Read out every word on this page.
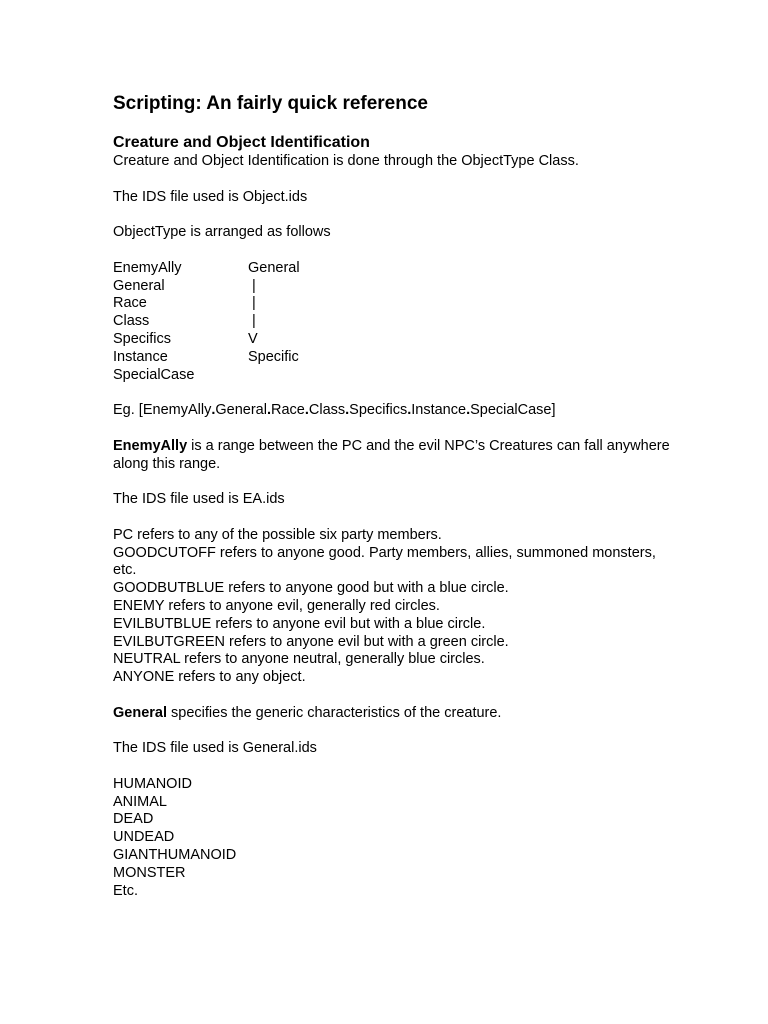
Scripting: An fairly quick reference
Creature and Object Identification

Creature and Object Identification is done through the ObjectType Class.

The IDS file used is Object.ids

ObjectType is arranged as follows

EnemyAlly	General
General	|
Race	|
Class	|
Specifics	V
Instance	Specific
SpecialCase

Eg. [EnemyAlly.General.Race.Class.Specifics.Instance.SpecialCase]

EnemyAlly is a range between the PC and the evil NPC’s Creatures can fall anywhere along this range.

The IDS file used is EA.ids

PC refers to any of the possible six party members.

GOODCUTOFF refers to anyone good. Party members, allies, summoned monsters, etc.

GOODBUTBLUE refers to anyone good but with a blue circle.

ENEMY refers to anyone evil, generally red circles.

EVILBUTBLUE refers to anyone evil but with a blue circle.

EVILBUTGREEN refers to anyone evil but with a green circle.

NEUTRAL refers to anyone neutral, generally blue circles.

ANYONE refers to any object.

General specifies the generic characteristics of the creature.

The IDS file used is General.ids

HUMANOID

ANIMAL

DEAD

UNDEAD

GIANTHUMANOID

MONSTER

Etc.
